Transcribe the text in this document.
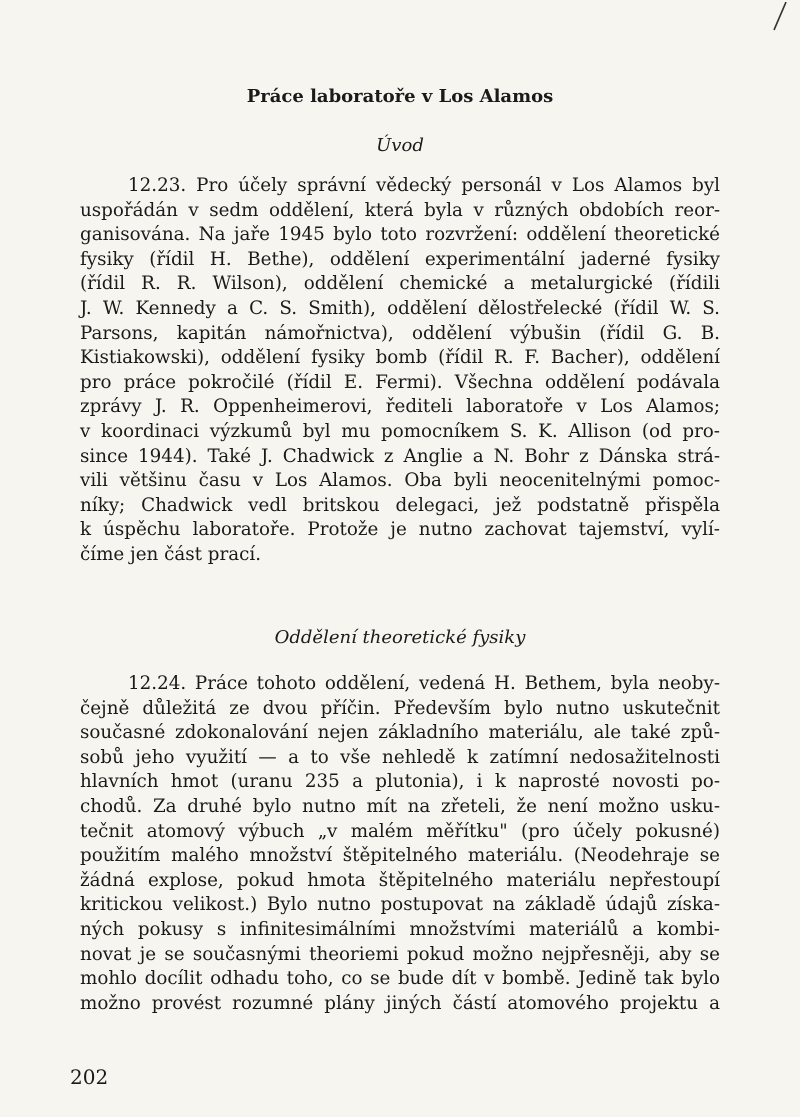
Práce laboratoře v Los Alamos
Úvod
12.23. Pro účely správní vědecký personál v Los Alamos byl
uspořádán v sedm oddělení, která byla v různých obdobích reor-
ganisována. Na jaře 1945 bylo toto rozvržení: oddělení theoretické
fysiky (řídil H. Bethe), oddělení experimentální jaderné fysiky
(řídil R. R. Wilson), oddělení chemické a metalurgické (řídili
J. W. Kennedy a C. S. Smith), oddělení dělostřelecké (řídil W. S.
Parsons, kapitán námořnictva), oddělení výbušin (řídil G. B.
Kistiakowski), oddělení fysiky bomb (řídil R. F. Bacher), oddělení
pro práce pokročilé (řídil E. Fermi). Všechna oddělení podávala
zprávy J. R. Oppenheimerovi, řediteli laboratoře v Los Alamos;
v koordinaci výzkumů byl mu pomocníkem S. K. Allison (od pro-
since 1944). Také J. Chadwick z Anglie a N. Bohr z Dánska strá-
vili většinu času v Los Alamos. Oba byli neocenitelnými pomoc-
níky; Chadwick vedl britskou delegaci, jež podstatně přispěla
k úspěchu laboratoře. Protože je nutno zachovat tajemství, vylí-
číme jen část prací.
Oddělení theoretické fysiky
12.24. Práce tohoto oddělení, vedená H. Bethem, byla neoby-
čejně důležitá ze dvou příčin. Především bylo nutno uskutečnit
současné zdokonalování nejen základního materiálu, ale také způ-
sobů jeho využití — a to vše nehledě k zatímní nedosažitelnosti
hlavních hmot (uranu 235 a plutonia), i k naprosté novosti po-
chodů. Za druhé bylo nutno mít na zřeteli, že není možno usku-
tečnit atomový výbuch „v malém měřítku" (pro účely pokusné)
použitím malého množství štěpitelného materiálu. (Neodehraje se
žádná explose, pokud hmota štěpitelného materiálu nepřestoupí
kritickou velikost.) Bylo nutno postupovat na základě údajů získa-
ných pokusy s infinitesimálními množstvími materiálů a kombi-
novat je se současnými theoriemi pokud možno nejpřesněji, aby se
mohlo docílit odhadu toho, co se bude dít v bombě. Jedině tak bylo
možno provést rozumné plány jiných částí atomového projektu a
202
